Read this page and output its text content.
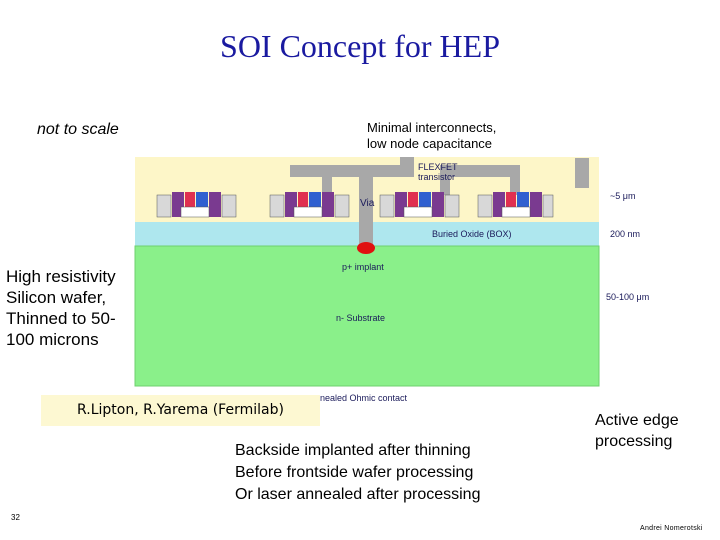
SOI Concept for HEP
not to scale	Minimal interconnects,
low node capacitance
FLEXFET
transistor
Via
Buried Oxide (BOX)
p+ implant
n- Substrate
~5 μm
200 nm
50-100 μm
nealed Ohmic contact
High resistivity
Silicon wafer,
Thinned to 50-
100 microns
R.Lipton, R.Yarema (Fermilab)
Active edge
processing
Backside implanted after thinning
Before frontside wafer processing
Or laser annealed after processing
32
Andrei Nomerotski
